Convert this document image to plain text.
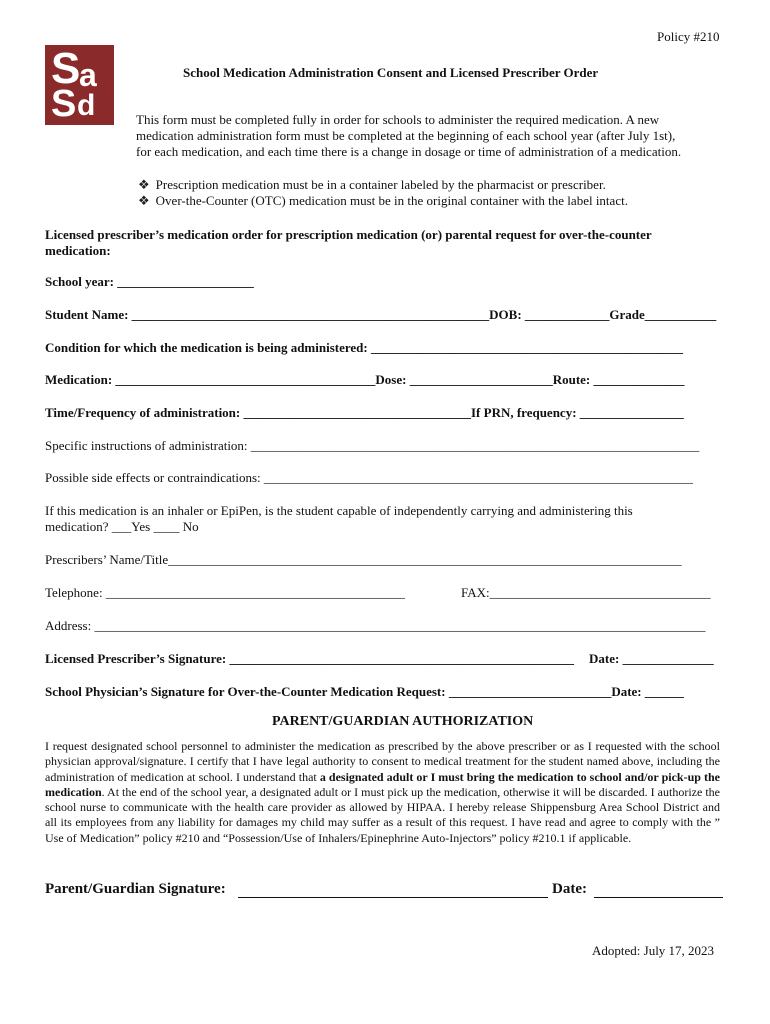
Policy #210
S
a
S d
School Medication Administration Consent and Licensed Prescriber Order
This form must be completed fully in order for schools to administer the required medication. A new
medication administration form must be completed at the beginning of each school year (after July 1st),
for each medication, and each time there is a change in dosage or time of administration of a medication.
❖ Prescription medication must be in a container labeled by the pharmacist or prescriber.
❖ Over-the-Counter (OTC) medication must be in the original container with the label intact.
Licensed prescriber’s medication order for prescription medication (or) parental request for over-the-counter
medication:
School year: _____________________
Student Name: _______________________________________________________DOB: _____________Grade___________
Condition for which the medication is being administered: ________________________________________________
Medication: ________________________________________Dose: ______________________Route: ______________
Time/Frequency of administration: ___________________________________If PRN, frequency: ________________
Specific instructions of administration: _____________________________________________________________________
Possible side effects or contraindications: __________________________________________________________________
If this medication is an inhaler or EpiPen, is the student capable of independently carrying and administering this
medication? ___Yes ____ No
Prescribers’ Name/Title_______________________________________________________________________________
Telephone: ______________________________________________	FAX:__________________________________
Address: ______________________________________________________________________________________________
Licensed Prescriber’s Signature: _____________________________________________________	Date: ______________
School Physician’s Signature for Over-the-Counter Medication Request: _________________________Date: ______
PARENT/GUARDIAN AUTHORIZATION
I request designated school personnel to administer the medication as prescribed by the above prescriber or as I requested with the school physician approval/signature. I certify that I have legal authority to consent to medical treatment for the student named above, including the administration of medication at school. I understand that a designated adult or I must bring the medication to school and/or pick-up the medication. At the end of the school year, a designated adult or I must pick up the medication, otherwise it will be discarded. I authorize the school nurse to communicate with the health care provider as allowed by HIPAA. I hereby release Shippensburg Area School District and all its employees from any liability for damages my child may suffer as a result of this request. I have read and agree to comply with the ” Use of Medication” policy #210 and “Possession/Use of Inhalers/Epinephrine Auto-Injectors” policy #210.1 if applicable.
Parent/Guardian Signature:	Date:
Adopted: July 17, 2023
